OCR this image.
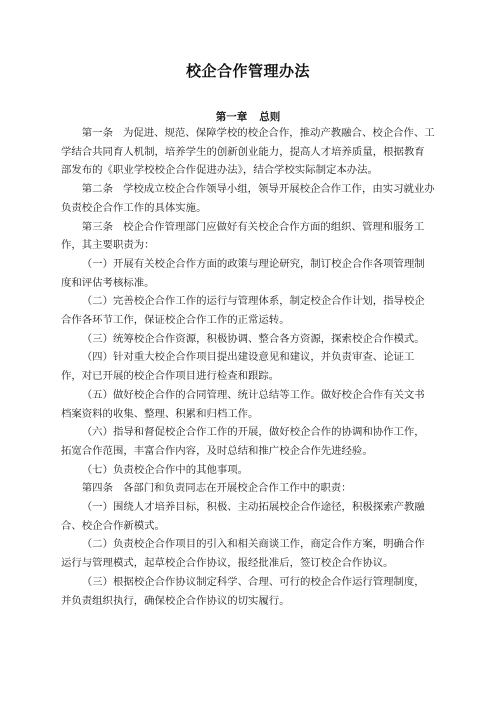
校企合作管理办法
第一章 总则

第一条 为促进、规范、保障学校的校企合作，推动产教融合、校企合作、工学结合共同育人机制，培养学生的创新创业能力，提高人才培养质量，根据教育部发布的《职业学校校企合作促进办法》，结合学校实际制定本办法。

第二条 学校成立校企合作领导小组，领导开展校企合作工作，由实习就业办负责校企合作工作的具体实施。

第三条 校企合作管理部门应做好有关校企合作方面的组织、管理和服务工作，其主要职责为：

（一）开展有关校企合作方面的政策与理论研究，制订校企合作各项管理制度和评估考核标准。

（二）完善校企合作工作的运行与管理体系，制定校企合作计划，指导校企合作各环节工作，保证校企合作工作的正常运转。

（三）统筹校企合作资源，积极协调、整合各方资源，探索校企合作模式。

（四）针对重大校企合作项目提出建设意见和建议，并负责审查、论证工作，对已开展的校企合作项目进行检查和跟踪。

（五）做好校企合作的合同管理、统计总结等工作。做好校企合作有关文书档案资料的收集、整理、积累和归档工作。

（六）指导和督促校企合作工作的开展，做好校企合作的协调和协作工作，拓宽合作范围，丰富合作内容，及时总结和推广校企合作先进经验。

（七）负责校企合作中的其他事项。

第四条 各部门和负责同志在开展校企合作工作中的职责：

（一）围绕人才培养目标，积极、主动拓展校企合作途径，积极探索产教融合、校企合作新模式。

（二）负责校企合作项目的引入和相关商谈工作，商定合作方案，明确合作运行与管理模式，起草校企合作协议，报经批准后，签订校企合作协议。

（三）根据校企合作协议制定科学、合理、可行的校企合作运行管理制度，并负责组织执行，确保校企合作协议的切实履行。
